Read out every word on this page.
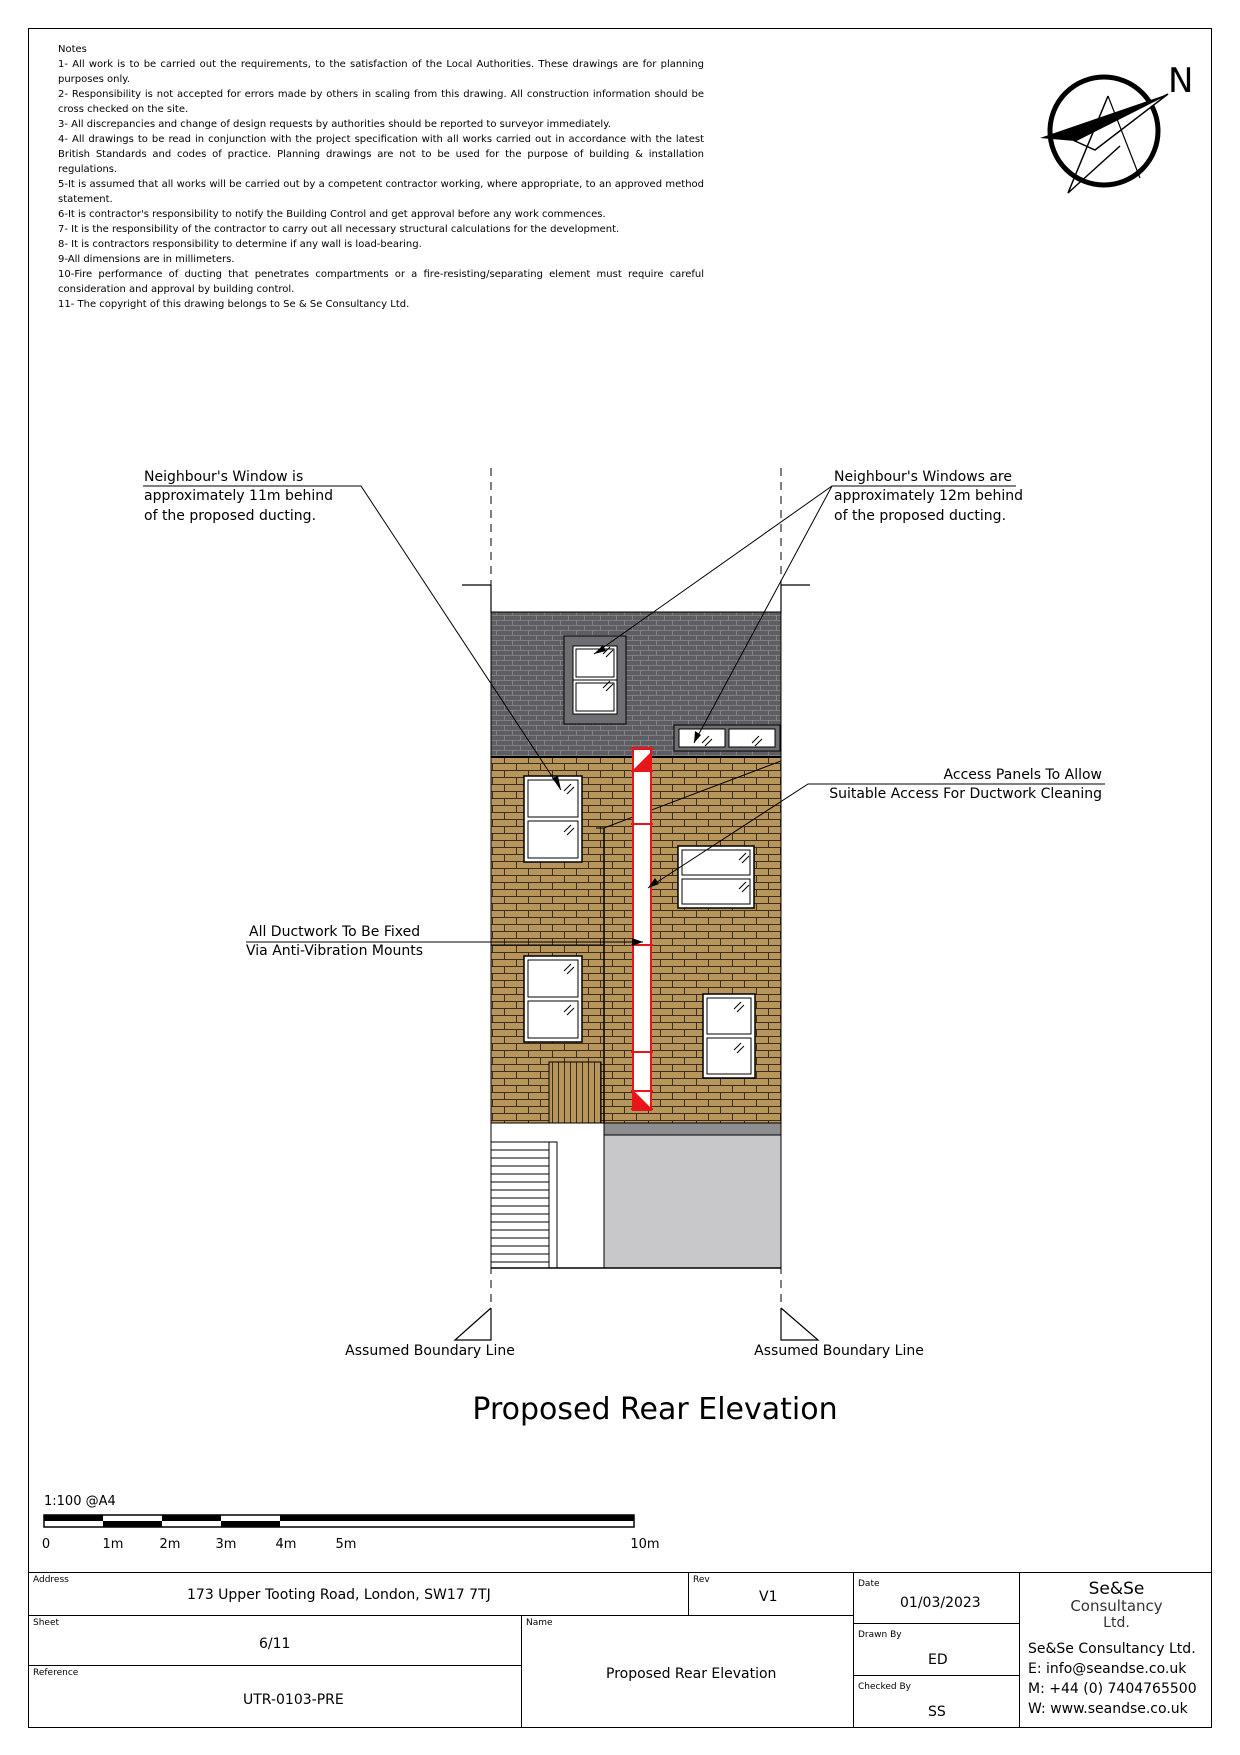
Notes

1- All work is to be carried out the requirements, to the satisfaction of the Local Authorities. These drawings are for planning purposes only.

2- Responsibility is not accepted for errors made by others in scaling from this drawing. All construction information should be cross checked on the site.

3- All discrepancies and change of design requests by authorities should be reported to surveyor immediately.

4- All drawings to be read in conjunction with the project specification with all works carried out in accordance with the latest British Standards and codes of practice. Planning drawings are not to be used for the purpose of building & installation regulations.

5-It is assumed that all works will be carried out by a competent contractor working, where appropriate, to an approved method statement.

6-It is contractor's responsibility to notify the Building Control and get approval before any work commences.

7- It is the responsibility of the contractor to carry out all necessary structural calculations for the development.

8- It is contractors responsibility to determine if any wall is load-bearing.

9-All dimensions are in millimeters.

10-Fire performance of ducting that penetrates compartments or a fire-resisting/separating element must require careful consideration and approval by building control.

11- The copyright of this drawing belongs to Se & Se Consultancy Ltd.

N
Neighbour's Window is
approximately 11m behind
of the proposed ducting.
Neighbour's Windows are
approximately 12m behind
of the proposed ducting.
Access Panels To Allow
Suitable Access For Ductwork Cleaning
All Ductwork To Be Fixed
Via Anti-Vibration Mounts
Assumed Boundary Line	Assumed Boundary Line
Proposed Rear Elevation
1:100 @A4
0	1m	2m	3m	4m	5m	10m
Address
173 Upper Tooting Road, London, SW17 7TJ
Rev
V1
Date
01/03/2023
Sheet
6/11
Name
Proposed Rear Elevation
Drawn By
ED
Reference
UTR-0103-PRE
Checked By
SS
Se&Se
Consultancy
Ltd.
Se&Se Consultancy Ltd.
E: info@seandse.co.uk
M: +44 (0) 7404765500
W: www.seandse.co.uk
